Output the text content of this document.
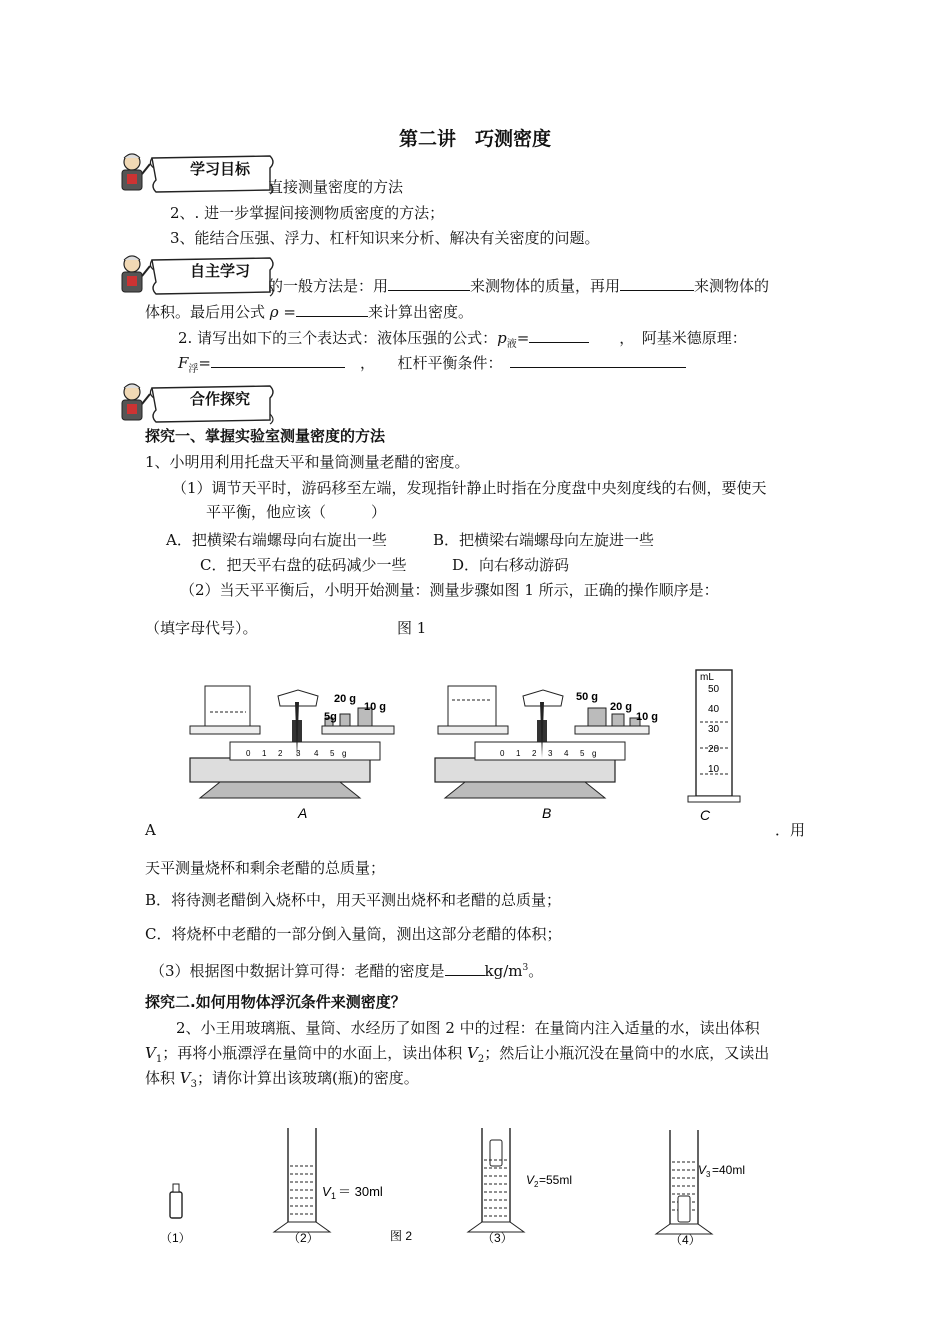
第二讲　巧测密度
学习目标
直接测量密度的方法
2、. 进一步掌握间接测物质密度的方法；
3、能结合压强、浮力、杠杆知识来分析、解决有关密度的问题。
自主学习
的一般方法是：用	来测物体的质量，再用	来测物体的
体积。最后用公式 ρ =	来计算出密度。
2. 请写出如下的三个表达式：液体压强的公式：$p_液=$　　	，　阿基米德原理：
$F_浮=$　	，　　杠杆平衡条件：　
合作探究
探究一、掌握实验室测量密度的方法
1、小明用利用托盘天平和量筒测量老醋的密度。
（1）调节天平时，游码移至左端，发现指针静止时指在分度盘中央刻度线的右侧，要使天
平平衡，他应该（　　　）
A．把横梁右端螺母向右旋出一些	B．把横梁右端螺母向左旋进一些
C．把天平右盘的砝码减少一些	D．向右移动游码
（2）当天平平衡后，小明开始测量：测量步骤如图 1 所示，正确的操作顺序是：
（填字母代号）。	图 1
20 g
10 g
5g
0 1 2 3 4 5 g
A
50 g
20 g
10 g
0 1 2 3 4 5 g
B
mL
50
40
30
20
10
C
A	．用
天平测量烧杯和剩余老醋的总质量；
B．将待测老醋倒入烧杯中，用天平测出烧杯和老醋的总质量；
C．将烧杯中老醋的一部分倒入量筒，测出这部分老醋的体积；
（3）根据图中数据计算可得：老醋的密度是	$kg/m^3$。
探究二.如何用物体浮沉条件来测密度？
2、小王用玻璃瓶、量筒、水经历了如图 2 中的过程：在量筒内注入适量的水，读出体积
$V_1$；再将小瓶漂浮在量筒中的水面上，读出体积 $V_2$；然后让小瓶沉没在量筒中的水底，又读出
体积 $V_3$；请你计算出该玻璃(瓶)的密度。
（1）
V 1 ＝ 30ml
（2）	图 2
V 2 =55ml
（3）
V 3 =40ml
（4）
